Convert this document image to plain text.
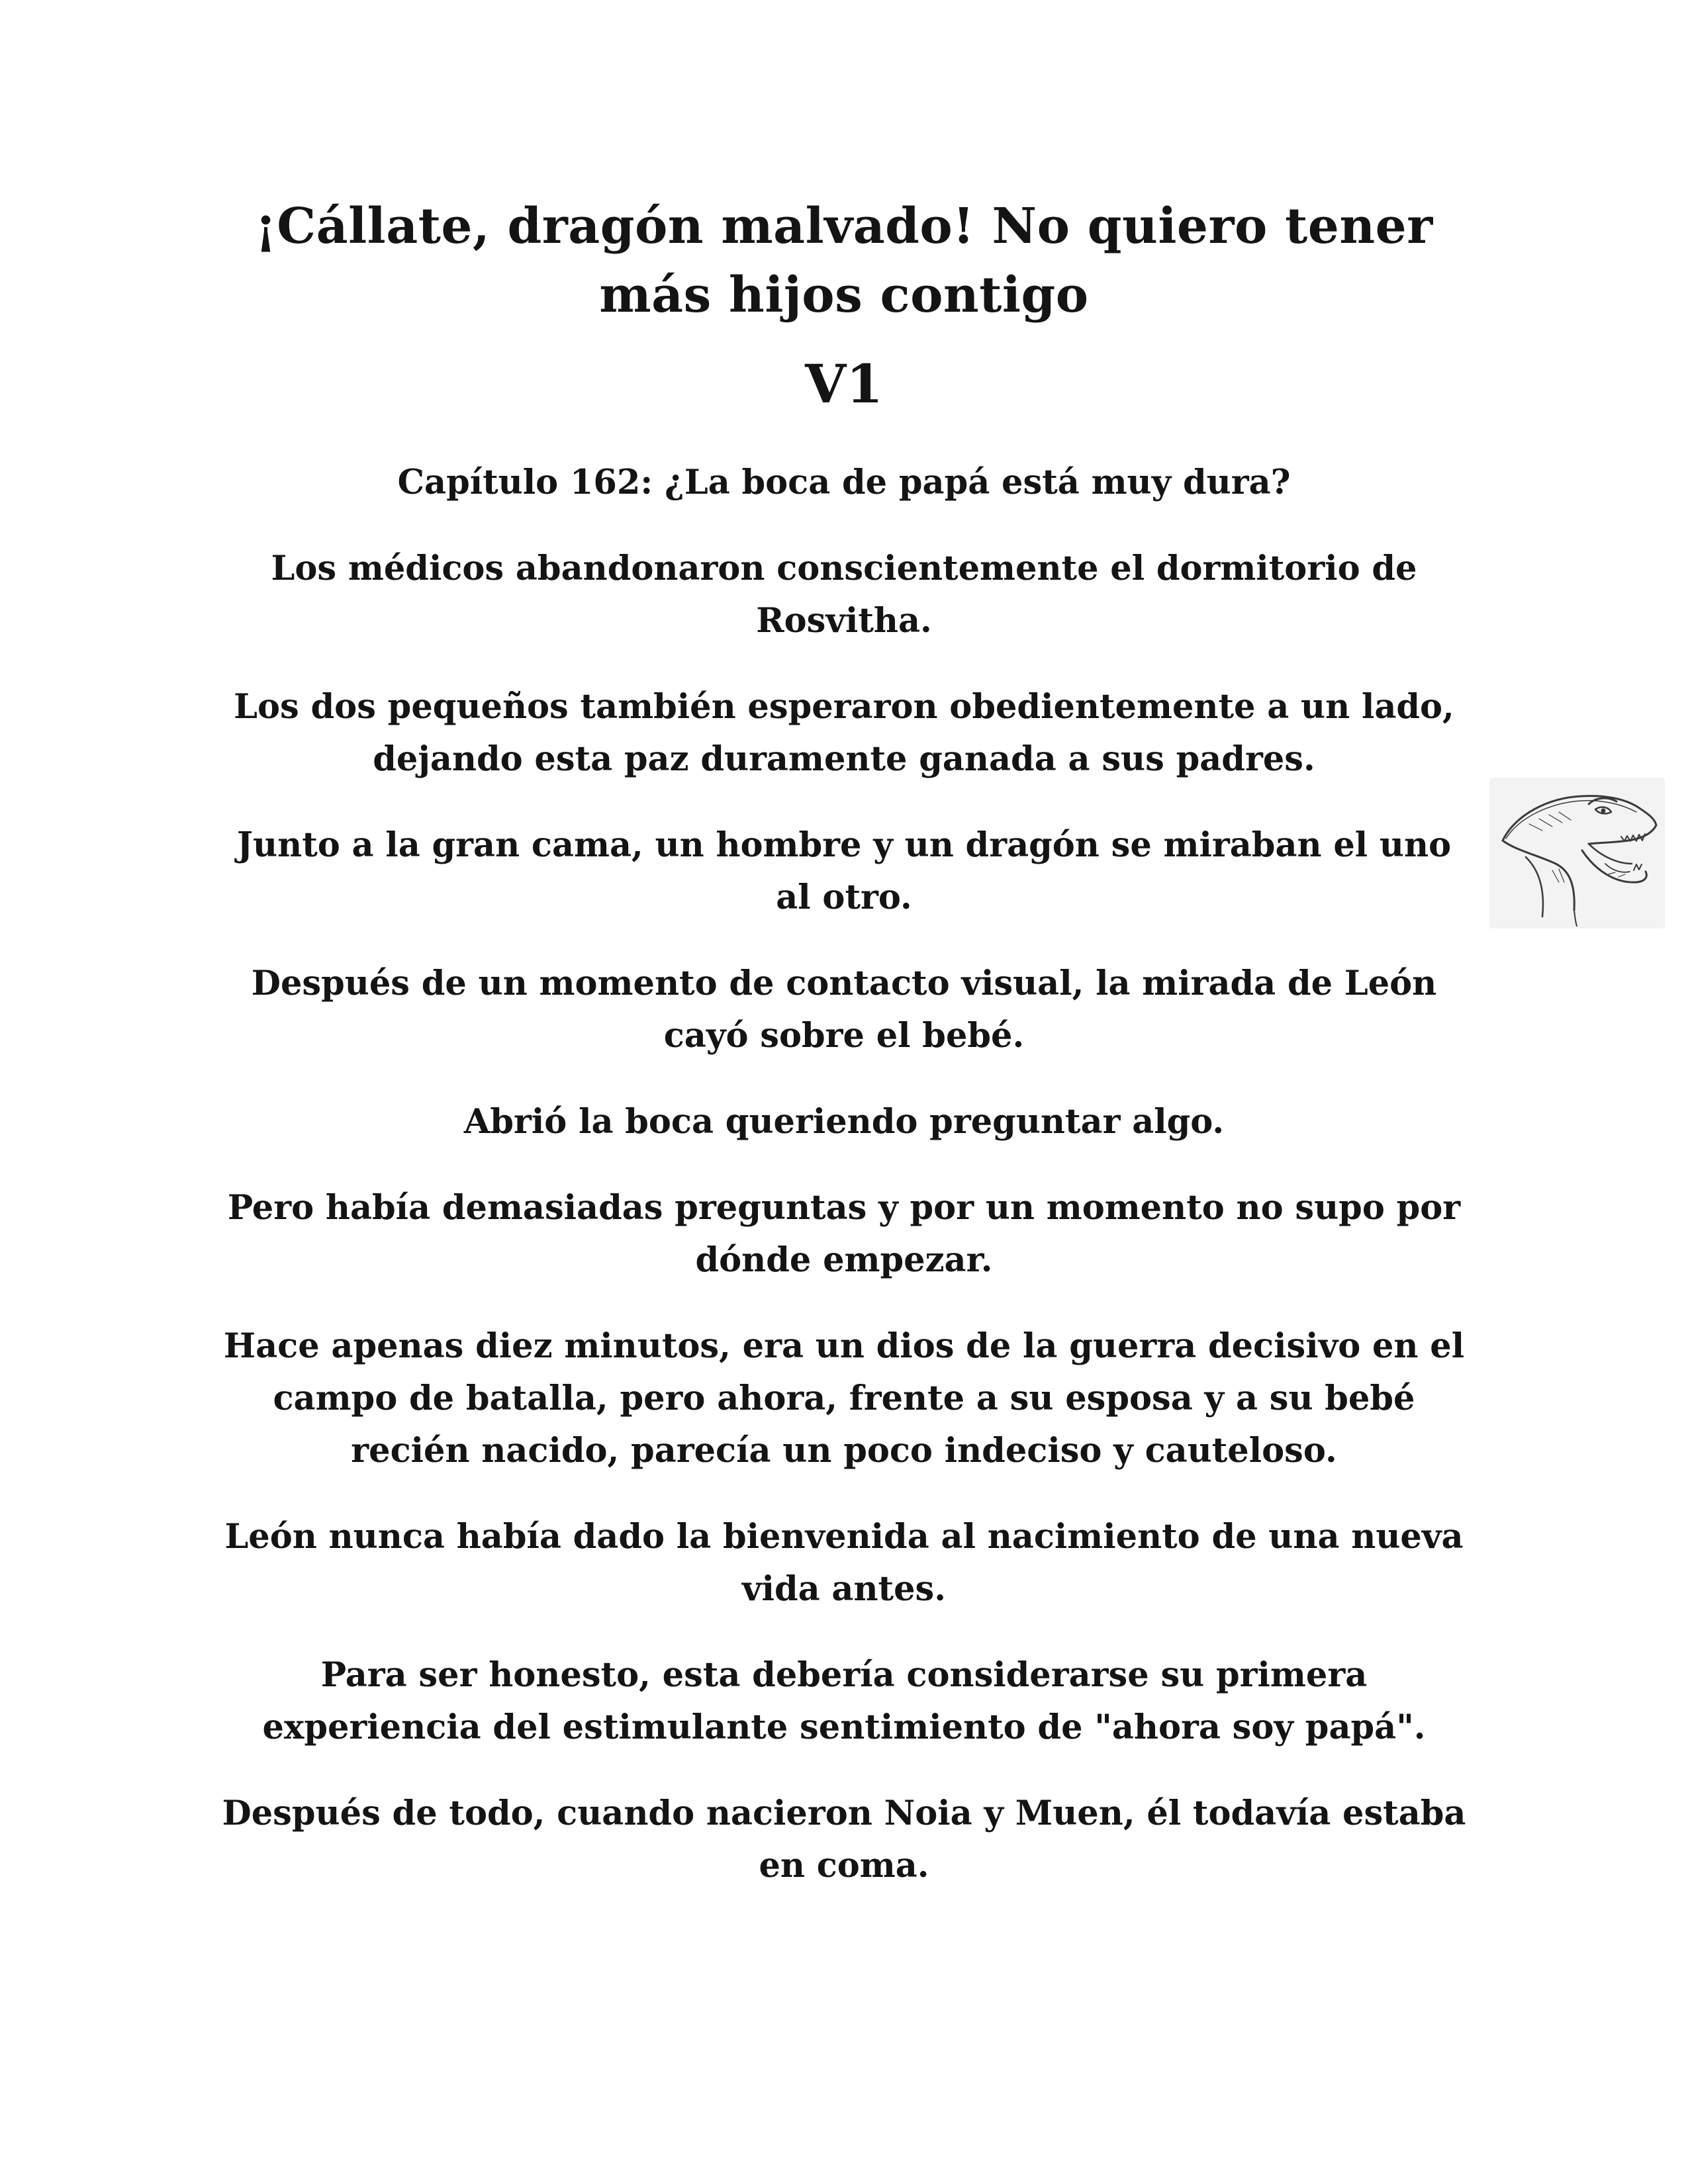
¡Cállate, dragón malvado! No quiero tener
más hijos contigo
V1

Capítulo 162: ¿La boca de papá está muy dura?

Los médicos abandonaron conscientemente el dormitorio de Rosvitha.

Los dos pequeños también esperaron obedientemente a un lado, dejando esta paz duramente ganada a sus padres.

Junto a la gran cama, un hombre y un dragón se miraban el uno al otro.

Después de un momento de contacto visual, la mirada de León cayó sobre el bebé.

Abrió la boca queriendo preguntar algo.

Pero había demasiadas preguntas y por un momento no supo por dónde empezar.

Hace apenas diez minutos, era un dios de la guerra decisivo en el campo de batalla, pero ahora, frente a su esposa y a su bebé recién nacido, parecía un poco indeciso y cauteloso.

León nunca había dado la bienvenida al nacimiento de una nueva vida antes.

Para ser honesto, esta debería considerarse su primera experiencia del estimulante sentimiento de "ahora soy papá".

Después de todo, cuando nacieron Noia y Muen, él todavía estaba en coma.
